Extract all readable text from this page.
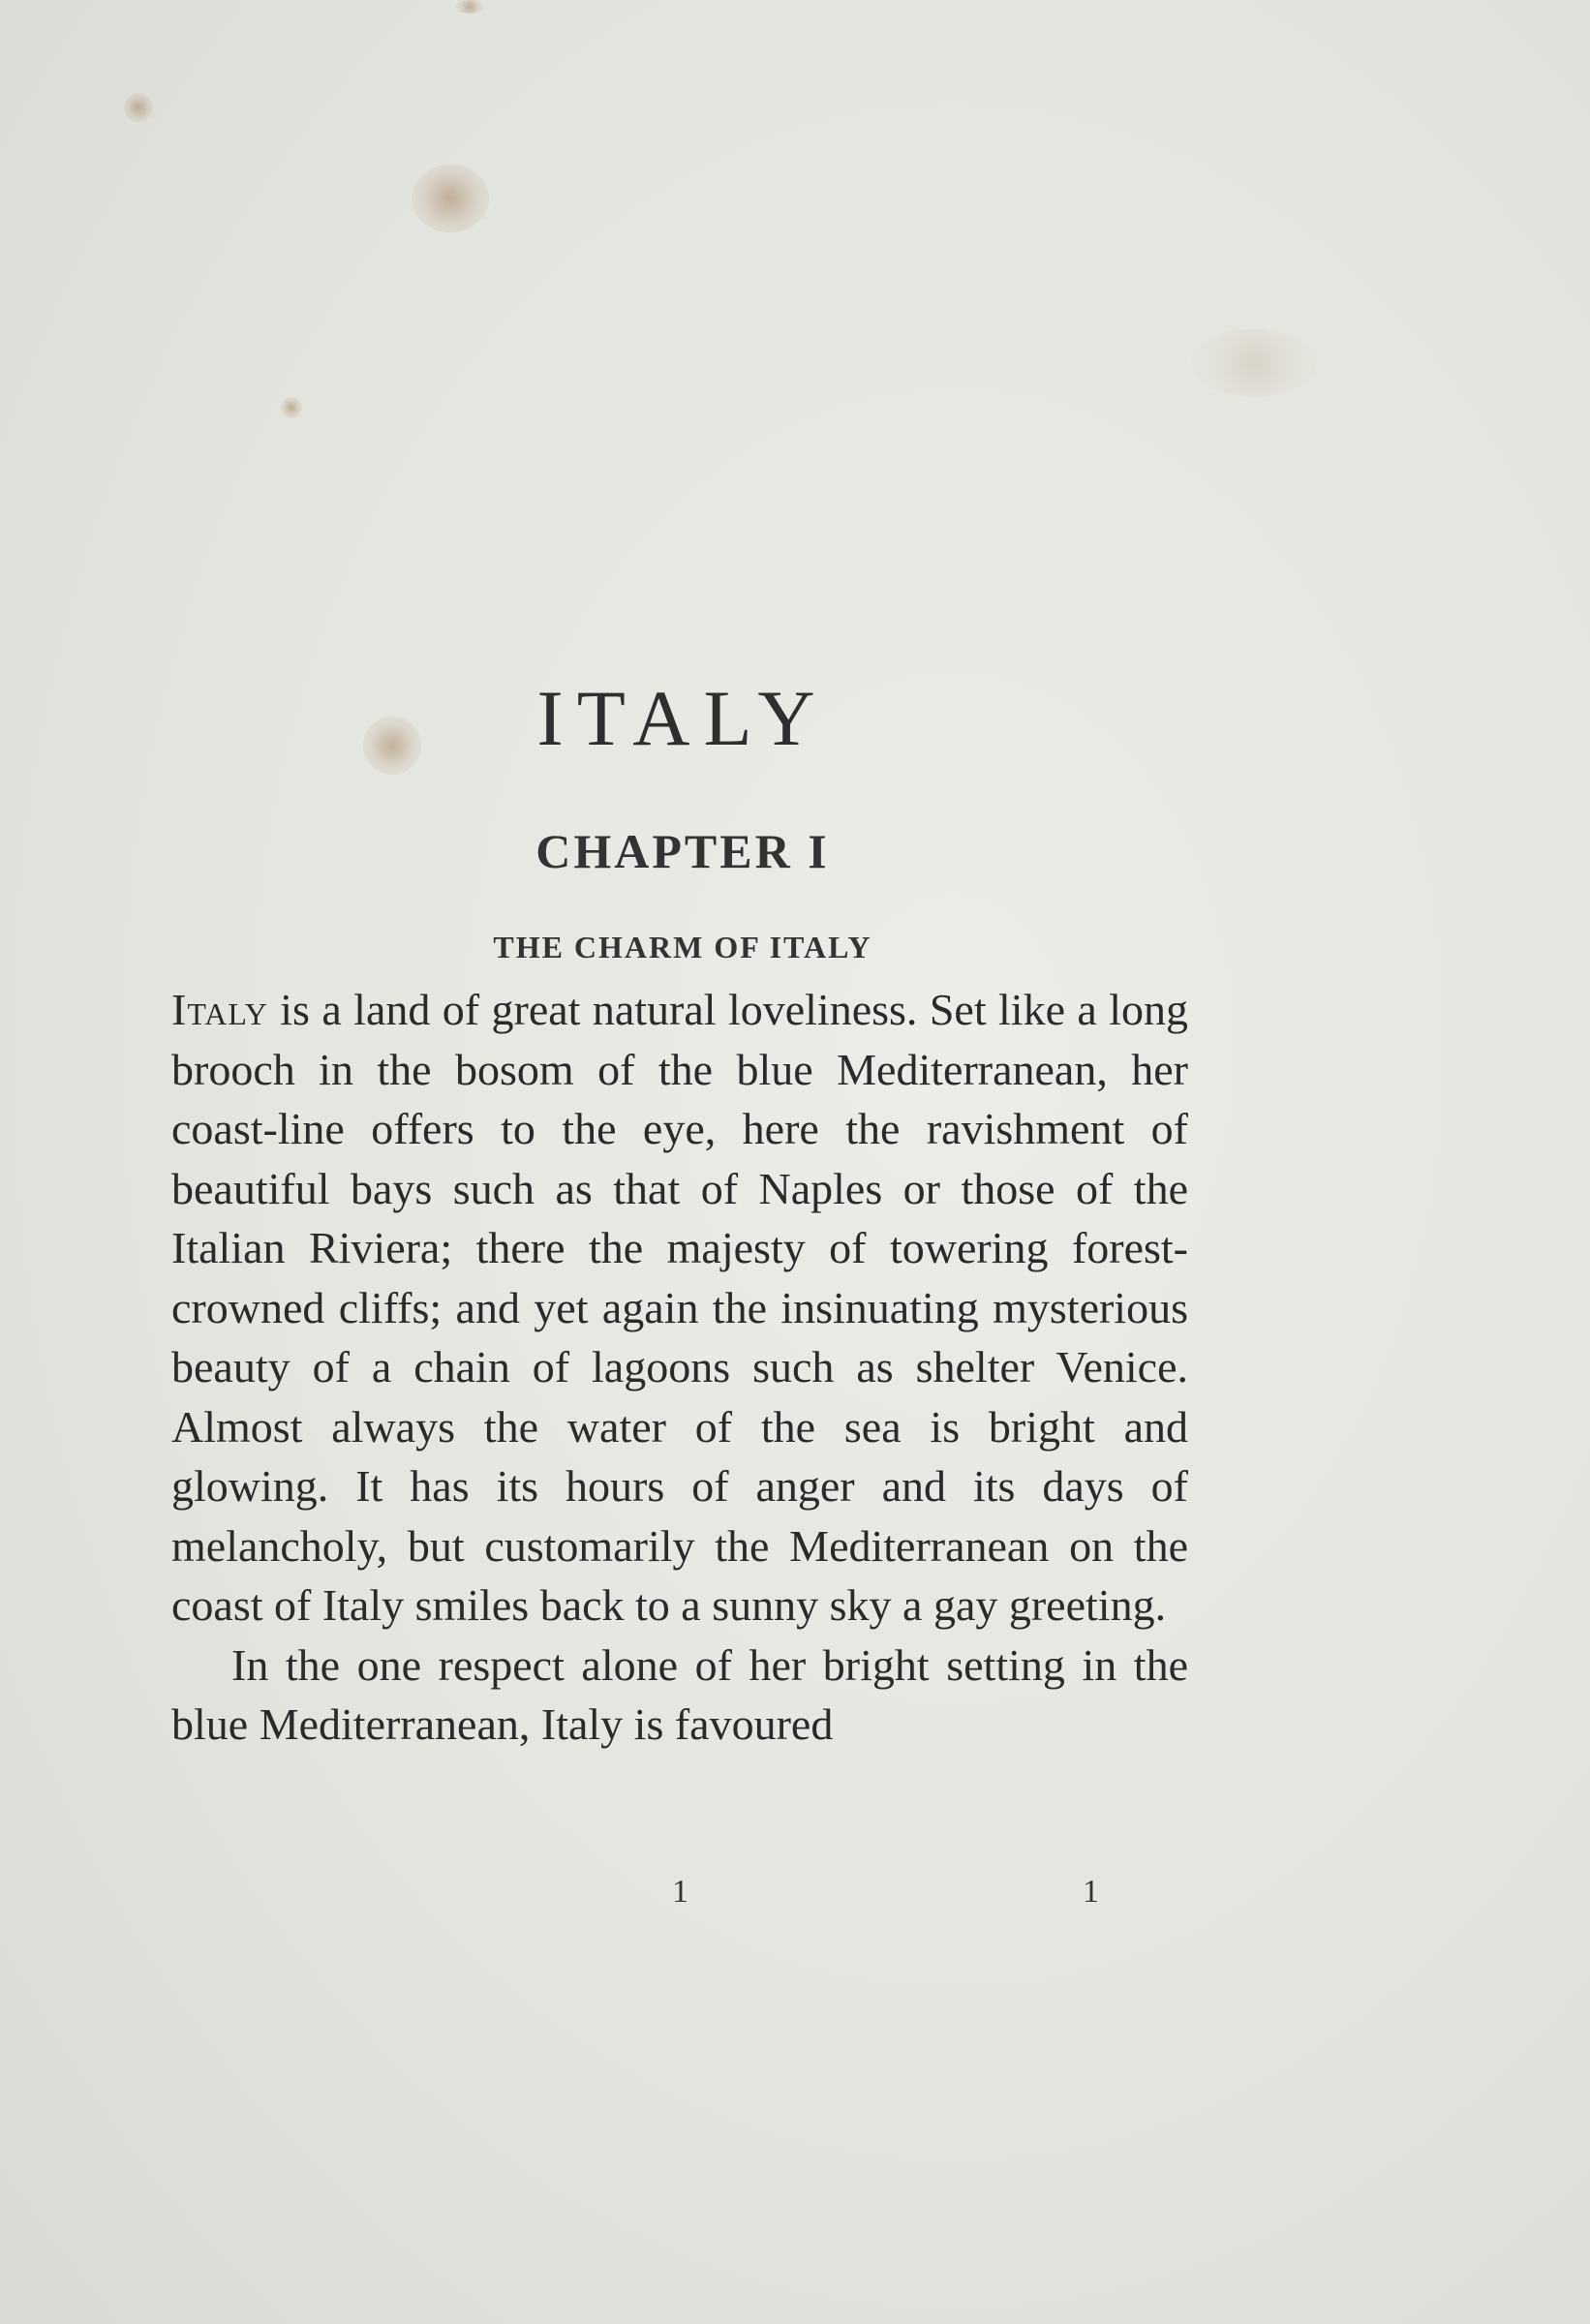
ITALY
CHAPTER I
THE CHARM OF ITALY

Italy is a land of great natural loveliness. Set like a long brooch in the bosom of the blue Mediterranean, her coast-line offers to the eye, here the ravishment of beautiful bays such as that of Naples or those of the Italian Riviera; there the majesty of towering forest-crowned cliffs; and yet again the insinuating mysterious beauty of a chain of lagoons such as shelter Venice. Almost always the water of the sea is bright and glowing. It has its hours of anger and its days of melancholy, but customarily the Mediterranean on the coast of Italy smiles back to a sunny sky a gay greeting.

In the one respect alone of her bright setting in the blue Mediterranean, Italy is favoured

1	1
